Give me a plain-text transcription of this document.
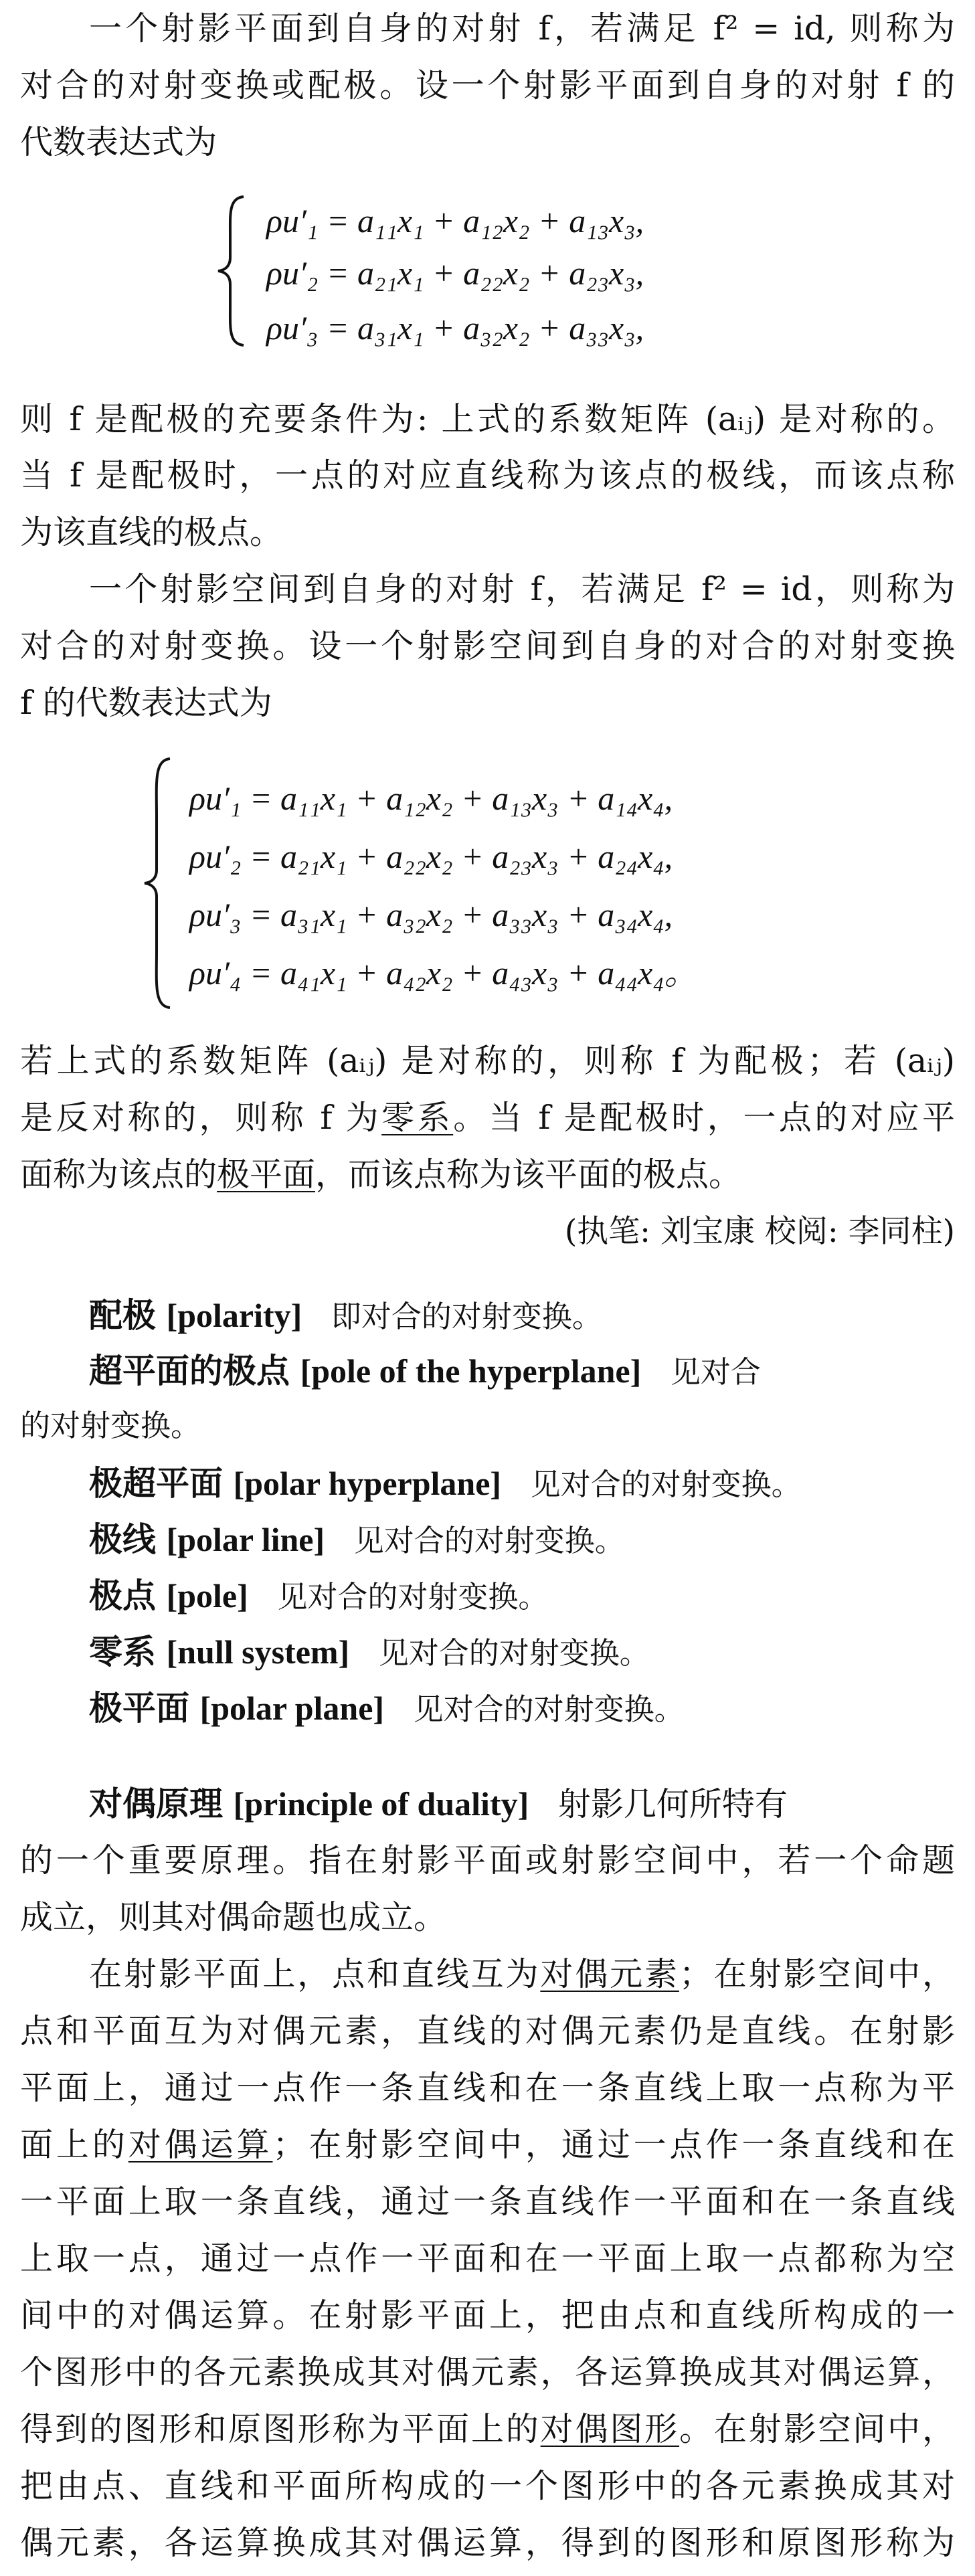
一个射影平面到自身的对射 f，若满足 f² = id, 则称为
对合的对射变换或配极。设一个射影平面到自身的对射 f 的
代数表达式为
ρu′₁ = a₁₁x₁ + a₁₂x₂ + a₁₃x₃,
ρu′₂ = a₂₁x₁ + a₂₂x₂ + a₂₃x₃,
ρu′₃ = a₃₁x₁ + a₃₂x₂ + a₃₃x₃,
则 f 是配极的充要条件为: 上式的系数矩阵 (aᵢⱼ) 是对称的。
当 f 是配极时，一点的对应直线称为该点的极线，而该点称
为该直线的极点。
一个射影空间到自身的对射 f，若满足 f² = id，则称为
对合的对射变换。设一个射影空间到自身的对合的对射变换
f 的代数表达式为
ρu′₁ = a₁₁x₁ + a₁₂x₂ + a₁₃x₃ + a₁₄x₄,
ρu′₂ = a₂₁x₁ + a₂₂x₂ + a₂₃x₃ + a₂₄x₄,
ρu′₃ = a₃₁x₁ + a₃₂x₂ + a₃₃x₃ + a₃₄x₄,
ρu′₄ = a₄₁x₁ + a₄₂x₂ + a₄₃x₃ + a₄₄x₄。
若上式的系数矩阵 (aᵢⱼ) 是对称的，则称 f 为配极；若 (aᵢⱼ)
是反对称的，则称 f 为零系。当 f 是配极时，一点的对应平
面称为该点的极平面，而该点称为该平面的极点。
(执笔: 刘宝康 校阅: 李同柱)
配极 [polarity] 即对合的对射变换。
超平面的极点 [pole of the hyperplane] 见对合
的对射变换。
极超平面 [polar hyperplane] 见对合的对射变换。
极线 [polar line] 见对合的对射变换。
极点 [pole] 见对合的对射变换。
零系 [null system] 见对合的对射变换。
极平面 [polar plane] 见对合的对射变换。
对偶原理 [principle of duality] 射影几何所特有
的一个重要原理。指在射影平面或射影空间中，若一个命题
成立，则其对偶命题也成立。
在射影平面上，点和直线互为对偶元素；在射影空间中，
点和平面互为对偶元素，直线的对偶元素仍是直线。在射影
平面上，通过一点作一条直线和在一条直线上取一点称为平
面上的对偶运算；在射影空间中，通过一点作一条直线和在
一平面上取一条直线，通过一条直线作一平面和在一条直线
上取一点，通过一点作一平面和在一平面上取一点都称为空
间中的对偶运算。在射影平面上，把由点和直线所构成的一
个图形中的各元素换成其对偶元素，各运算换成其对偶运算，
得到的图形和原图形称为平面上的对偶图形。在射影空间中，
把由点、直线和平面所构成的一个图形中的各元素换成其对
偶元素，各运算换成其对偶运算，得到的图形和原图形称为
